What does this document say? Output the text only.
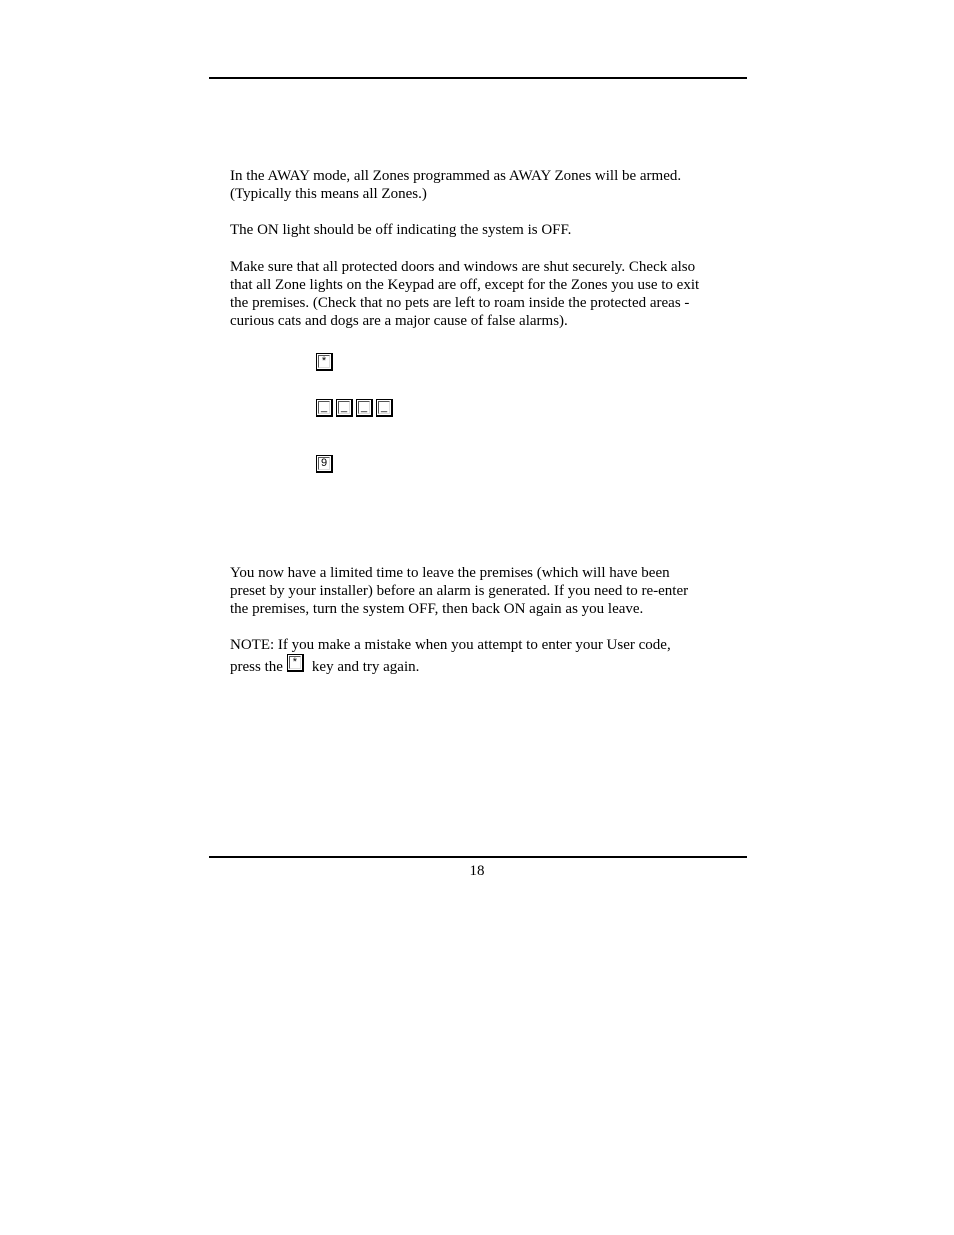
In the AWAY mode, all Zones programmed as AWAY Zones will be armed.
(Typically this means all Zones.)

The ON light should be off indicating the system is OFF.

Make sure that all protected doors and windows are shut securely. Check also
that all Zone lights on the Keypad are off, except for the Zones you use to exit
the premises. (Check that no pets are left to roam inside the protected areas -
curious cats and dogs are a major cause of false alarms).

*
_	_	_	_
9

You now have a limited time to leave the premises (which will have been
preset by your installer) before an alarm is generated. If you need to re-enter
the premises, turn the system OFF, then back ON again as you leave.

NOTE: If you make a mistake when you attempt to enter your User code,

press the * key and try again.
18
